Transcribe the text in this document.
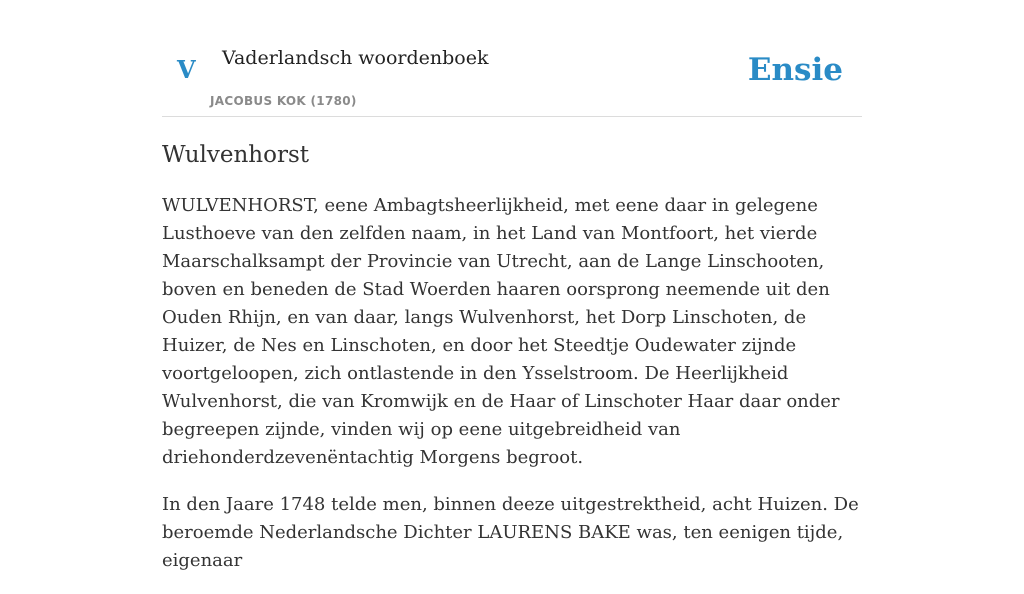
V Vaderlandsch woordenboek
JACOBUS KOK (1780)
Ensie
Wulvenhorst

WULVENHORST, eene Ambagtsheerlijkheid, met eene daar in gelegene Lusthoeve van den zelfden naam, in het Land van Montfoort, het vierde Maarschalksampt der Provincie van Utrecht, aan de Lange Linschooten, boven en beneden de Stad Woerden haaren oorsprong neemende uit den Ouden Rhijn, en van daar, langs Wulvenhorst, het Dorp Linschoten, de Huizer, de Nes en Linschoten, en door het Steedtje Oudewater zijnde voortgeloopen, zich ontlastende in den Ysselstroom. De Heerlijkheid Wulvenhorst, die van Kromwijk en de Haar of Linschoter Haar daar onder begreepen zijnde, vinden wij op eene uitgebreidheid van driehonderdzevenëntachtig Morgens begroot.

In den Jaare 1748 telde men, binnen deeze uitgestrektheid, acht Huizen. De beroemde Nederlandsche Dichter LAURENS BAKE was, ten eenigen tijde, eigenaar
